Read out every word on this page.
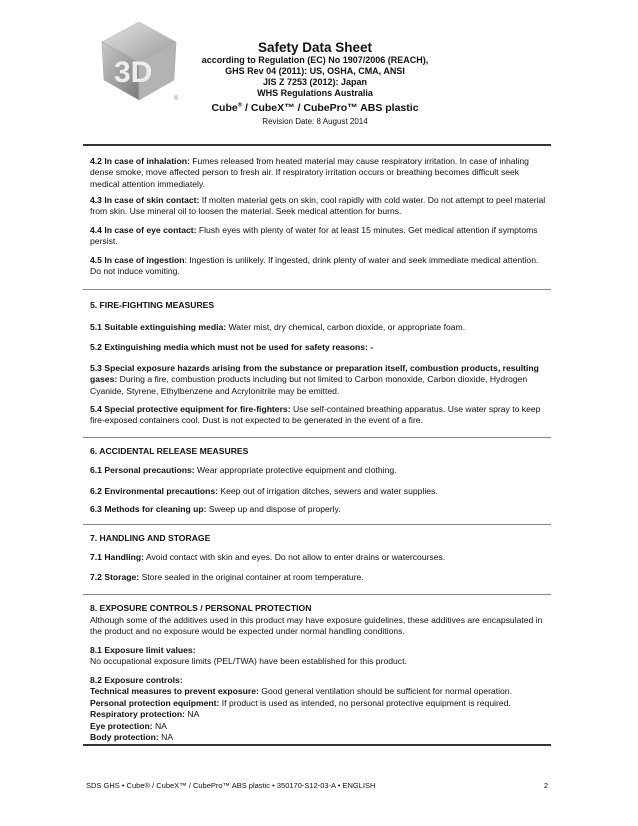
3D
®
Safety Data Sheet
according to Regulation (EC) No 1907/2006 (REACH),
GHS Rev 04 (2011): US, OSHA, CMA, ANSI
JIS Z 7253 (2012): Japan
WHS Regulations Australia
Cube® / CubeX™ / CubePro™ ABS plastic
Revision Date: 8 August 2014

4.2 In case of inhalation: Fumes released from heated material may cause respiratory irritation. In case of inhaling dense smoke, move affected person to fresh air. If respiratory irritation occurs or breathing becomes difficult seek medical attention immediately.

4.3 In case of skin contact: If molten material gets on skin, cool rapidly with cold water. Do not attempt to peel material from skin. Use mineral oil to loosen the material. Seek medical attention for burns.

4.4 In case of eye contact: Flush eyes with plenty of water for at least 15 minutes. Get medical attention if symptoms persist.

4.5 In case of ingestion: Ingestion is unlikely. If ingested, drink plenty of water and seek immediate medical attention. Do not induce vomiting.

5. FIRE-FIGHTING MEASURES

5.1 Suitable extinguishing media: Water mist, dry chemical, carbon dioxide, or appropriate foam.

5.2 Extinguishing media which must not be used for safety reasons: -

5.3 Special exposure hazards arising from the substance or preparation itself, combustion products, resulting gases: During a fire, combustion products including but not limited to Carbon monoxide, Carbon dioxide, Hydrogen Cyanide, Styrene, Ethylbenzene and Acrylonitrile may be emitted.

5.4 Special protective equipment for fire-fighters: Use self-contained breathing apparatus. Use water spray to keep fire-exposed containers cool. Dust is not expected to be generated in the event of a fire.

6. ACCIDENTAL RELEASE MEASURES

6.1 Personal precautions: Wear appropriate protective equipment and clothing.

6.2 Environmental precautions: Keep out of irrigation ditches, sewers and water supplies.

6.3 Methods for cleaning up: Sweep up and dispose of properly.

7. HANDLING AND STORAGE

7.1 Handling: Avoid contact with skin and eyes. Do not allow to enter drains or watercourses.

7.2 Storage: Store sealed in the original container at room temperature.

8. EXPOSURE CONTROLS / PERSONAL PROTECTION

Although some of the additives used in this product may have exposure guidelines, these additives are encapsulated in the product and no exposure would be expected under normal handling conditions.

8.1 Exposure limit values:

No occupational exposure limits (PEL/TWA) have been established for this product.

8.2 Exposure controls:

Technical measures to prevent exposure: Good general ventilation should be sufficient for normal operation.

Personal protection equipment: If product is used as intended, no personal protective equipment is required.

Respiratory protection: NA

Eye protection: NA

Body protection: NA

SDS GHS • Cube® / CubeX™ / CubePro™ ABS plastic • 350170-S12-03-A • ENGLISH	2
